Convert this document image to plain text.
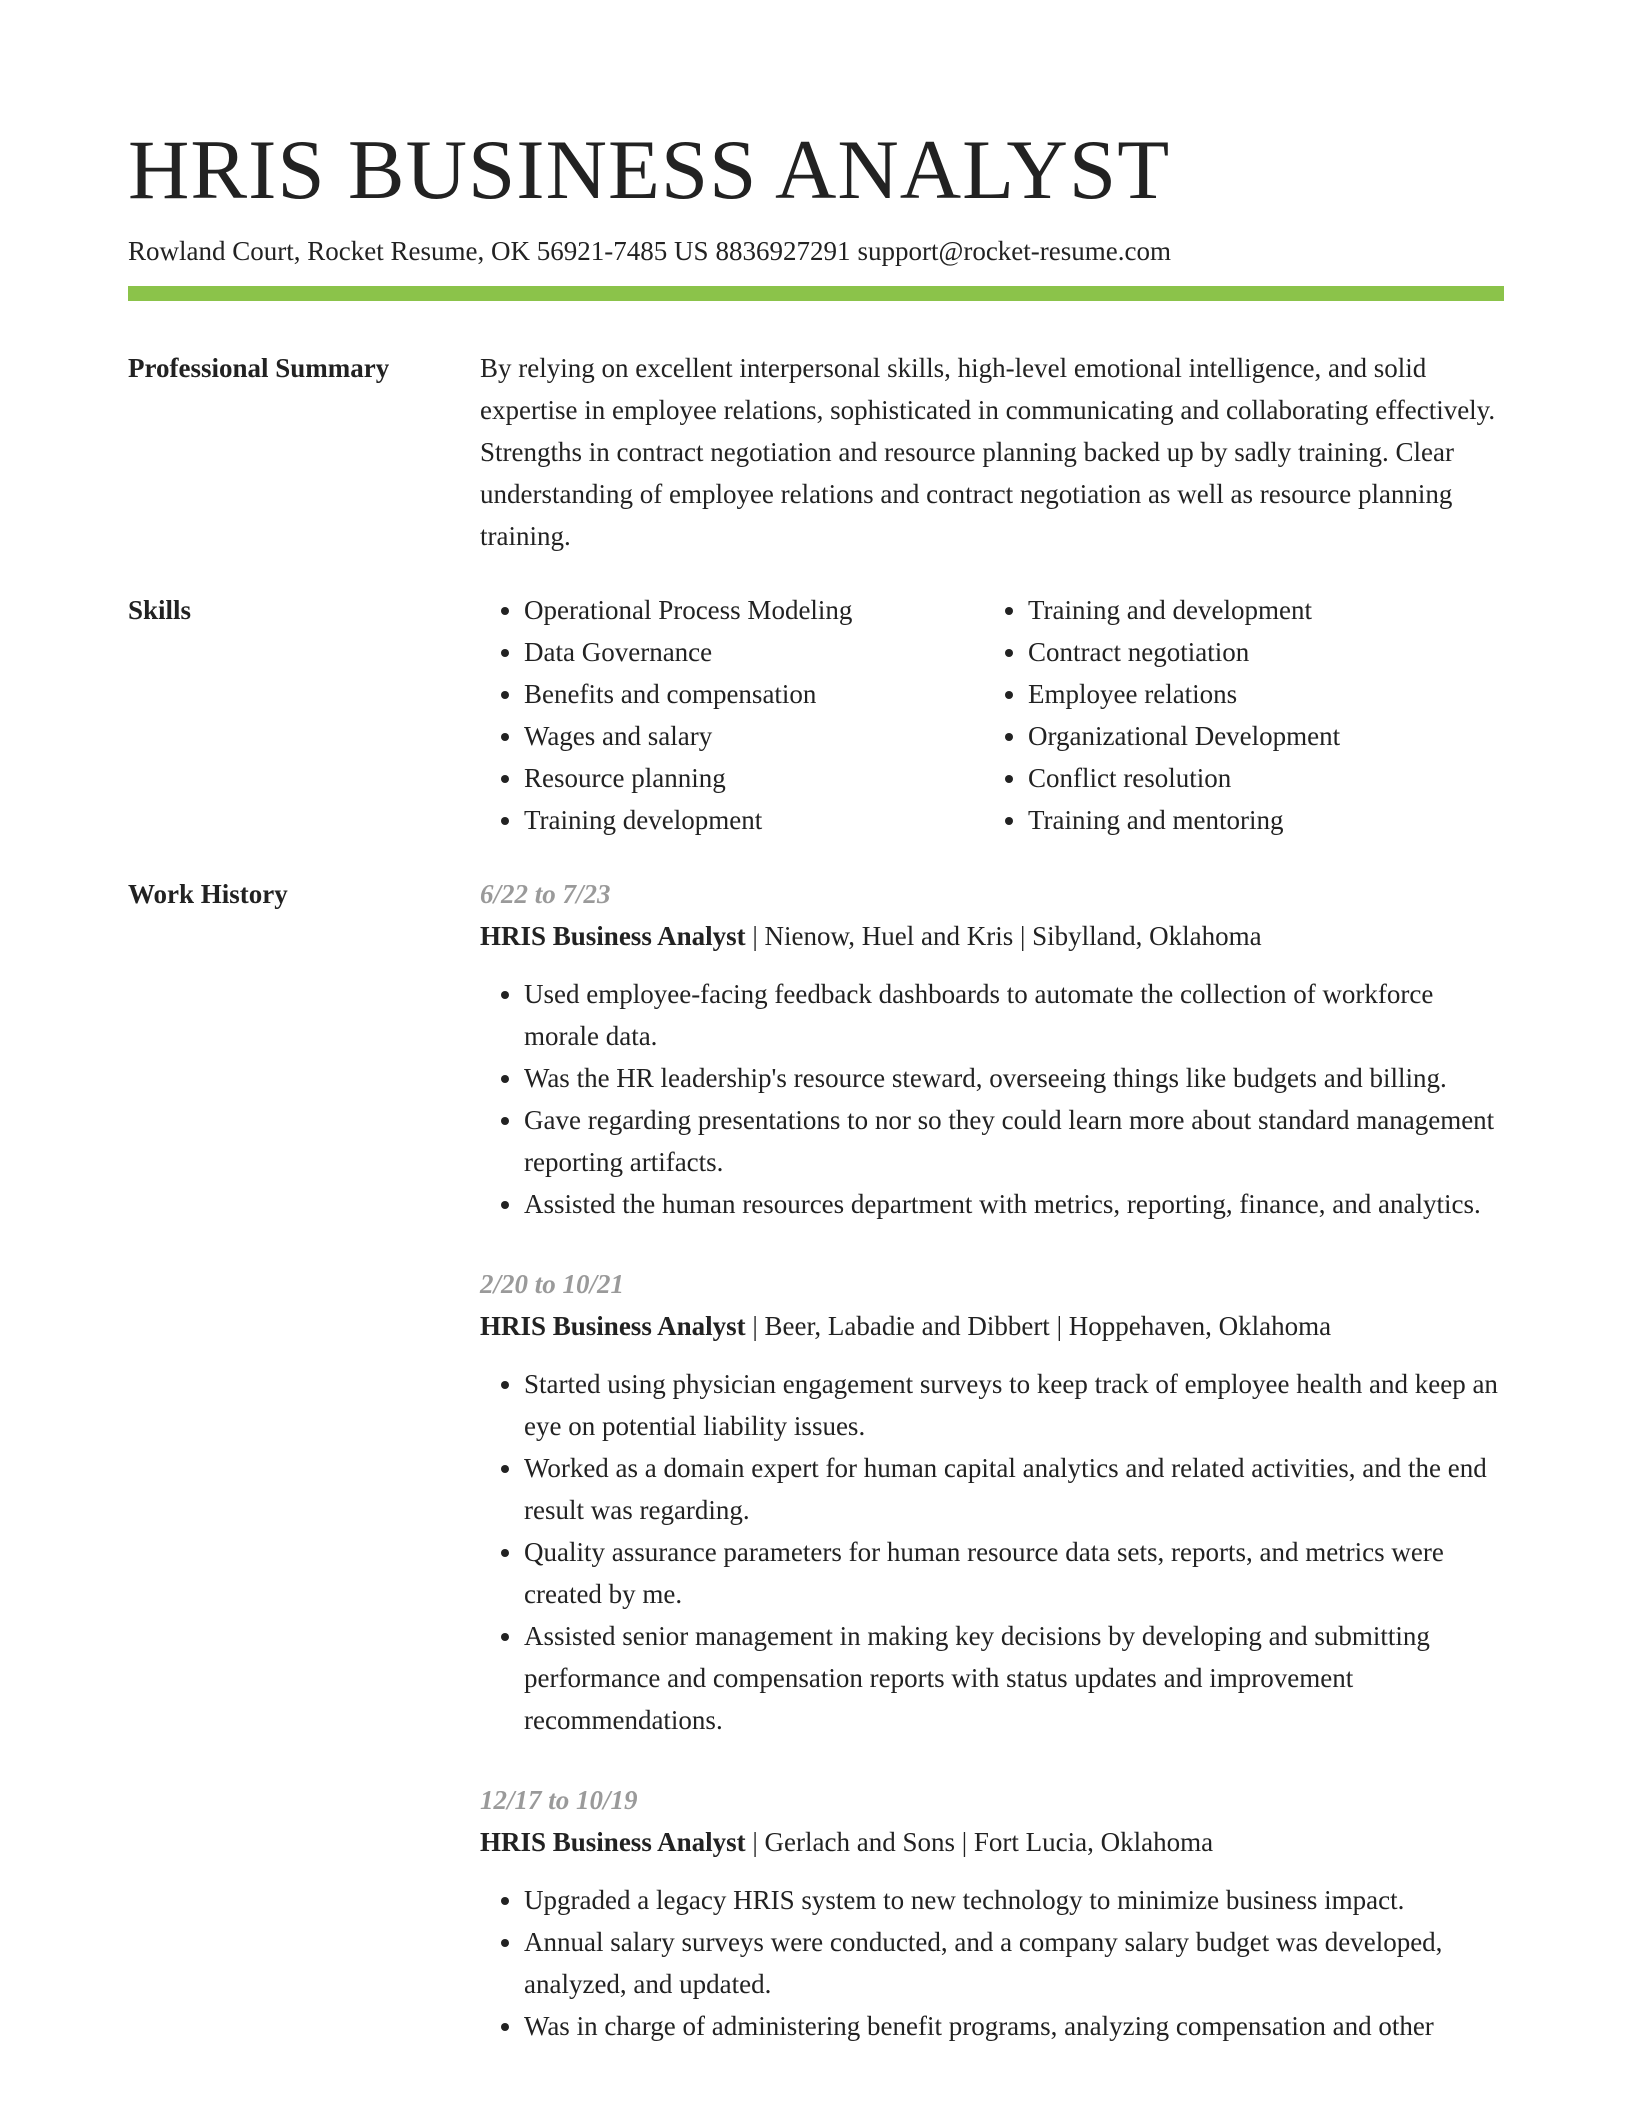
HRIS BUSINESS ANALYST
Rowland Court, Rocket Resume, OK 56921-7485 US 8836927291 support@rocket-resume.com
Professional Summary	By relying on excellent interpersonal skills, high-level emotional intelligence, and solid expertise in employee relations, sophisticated in communicating and collaborating effectively. Strengths in contract negotiation and resource planning backed up by sadly training. Clear understanding of employee relations and contract negotiation as well as resource planning training.

Skills
•	Operational Process Modeling
• Data Governance
• Benefits and compensation
• Wages and salary
• Resource planning
• Training development
• Training and development
• Contract negotiation
• Employee relations
• Organizational Development
• Conflict resolution
• Training and mentoring
Work History	6/22 to 7/23
HRIS Business Analyst | Nienow, Huel and Kris | Sibylland, Oklahoma
• Used employee-facing feedback dashboards to automate the collection of workforce morale data.
• Was the HR leadership's resource steward, overseeing things like budgets and billing.
• Gave regarding presentations to nor so they could learn more about standard management reporting artifacts.
• Assisted the human resources department with metrics, reporting, finance, and analytics.
2/20 to 10/21
HRIS Business Analyst | Beer, Labadie and Dibbert | Hoppehaven, Oklahoma
• Started using physician engagement surveys to keep track of employee health and keep an eye on potential liability issues.
• Worked as a domain expert for human capital analytics and related activities, and the end result was regarding.
• Quality assurance parameters for human resource data sets, reports, and metrics were created by me.
• Assisted senior management in making key decisions by developing and submitting performance and compensation reports with status updates and improvement recommendations.
12/17 to 10/19
HRIS Business Analyst | Gerlach and Sons | Fort Lucia, Oklahoma
• Upgraded a legacy HRIS system to new technology to minimize business impact.
• Annual salary surveys were conducted, and a company salary budget was developed, analyzed, and updated.
• Was in charge of administering benefit programs, analyzing compensation and other
